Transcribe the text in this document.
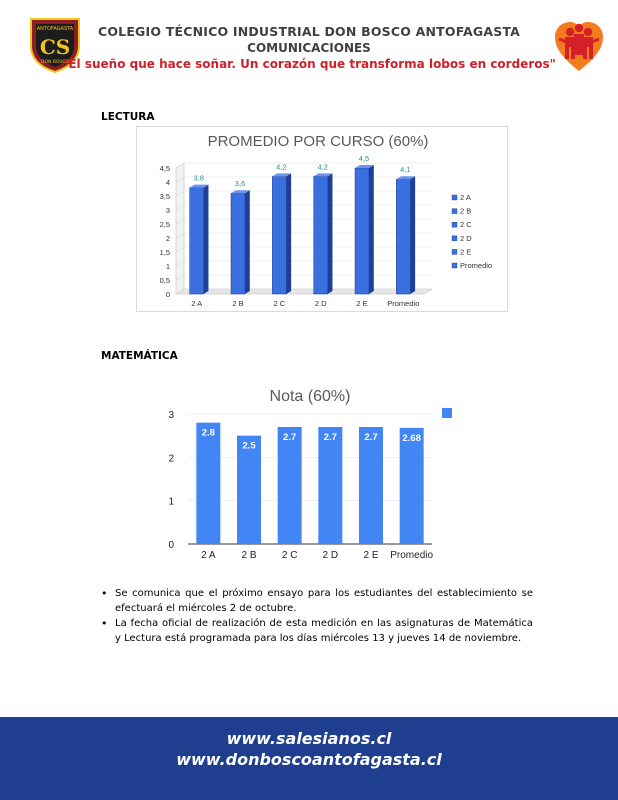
ANTOFAGASTA
CS
DON BOSCO
COLEGIO TÉCNICO INDUSTRIAL DON BOSCO ANTOFAGASTA
COMUNICACIONES
"El sueño que hace soñar. Un corazón que transforma lobos en corderos"
LECTURA
PROMEDIO POR CURSO (60%)
0
0,5
1
1,5
2
2,5
3
3,5
4
4,5
3,8
2 A
3,6
2 B
4,2
2 C
4,2
2 D
4,5
2 E
4,1
Promedio
2 A
2 B
2 C
2 D
2 E
Promedio
MATEMÁTICA
Nota (60%)
0
1
2
3
2.8
2 A
2.5
2 B
2.7
2 C
2.7
2 D
2.7
2 E
2.68
Promedio
• Se comunica que el próximo ensayo para los estudiantes del establecimiento se efectuará el miércoles 2 de octubre.
• La fecha oficial de realización de esta medición en las asignaturas de Matemática y Lectura está programada para los días miércoles 13 y jueves 14 de noviembre.
www.salesianos.cl
www.donboscoantofagasta.cl
